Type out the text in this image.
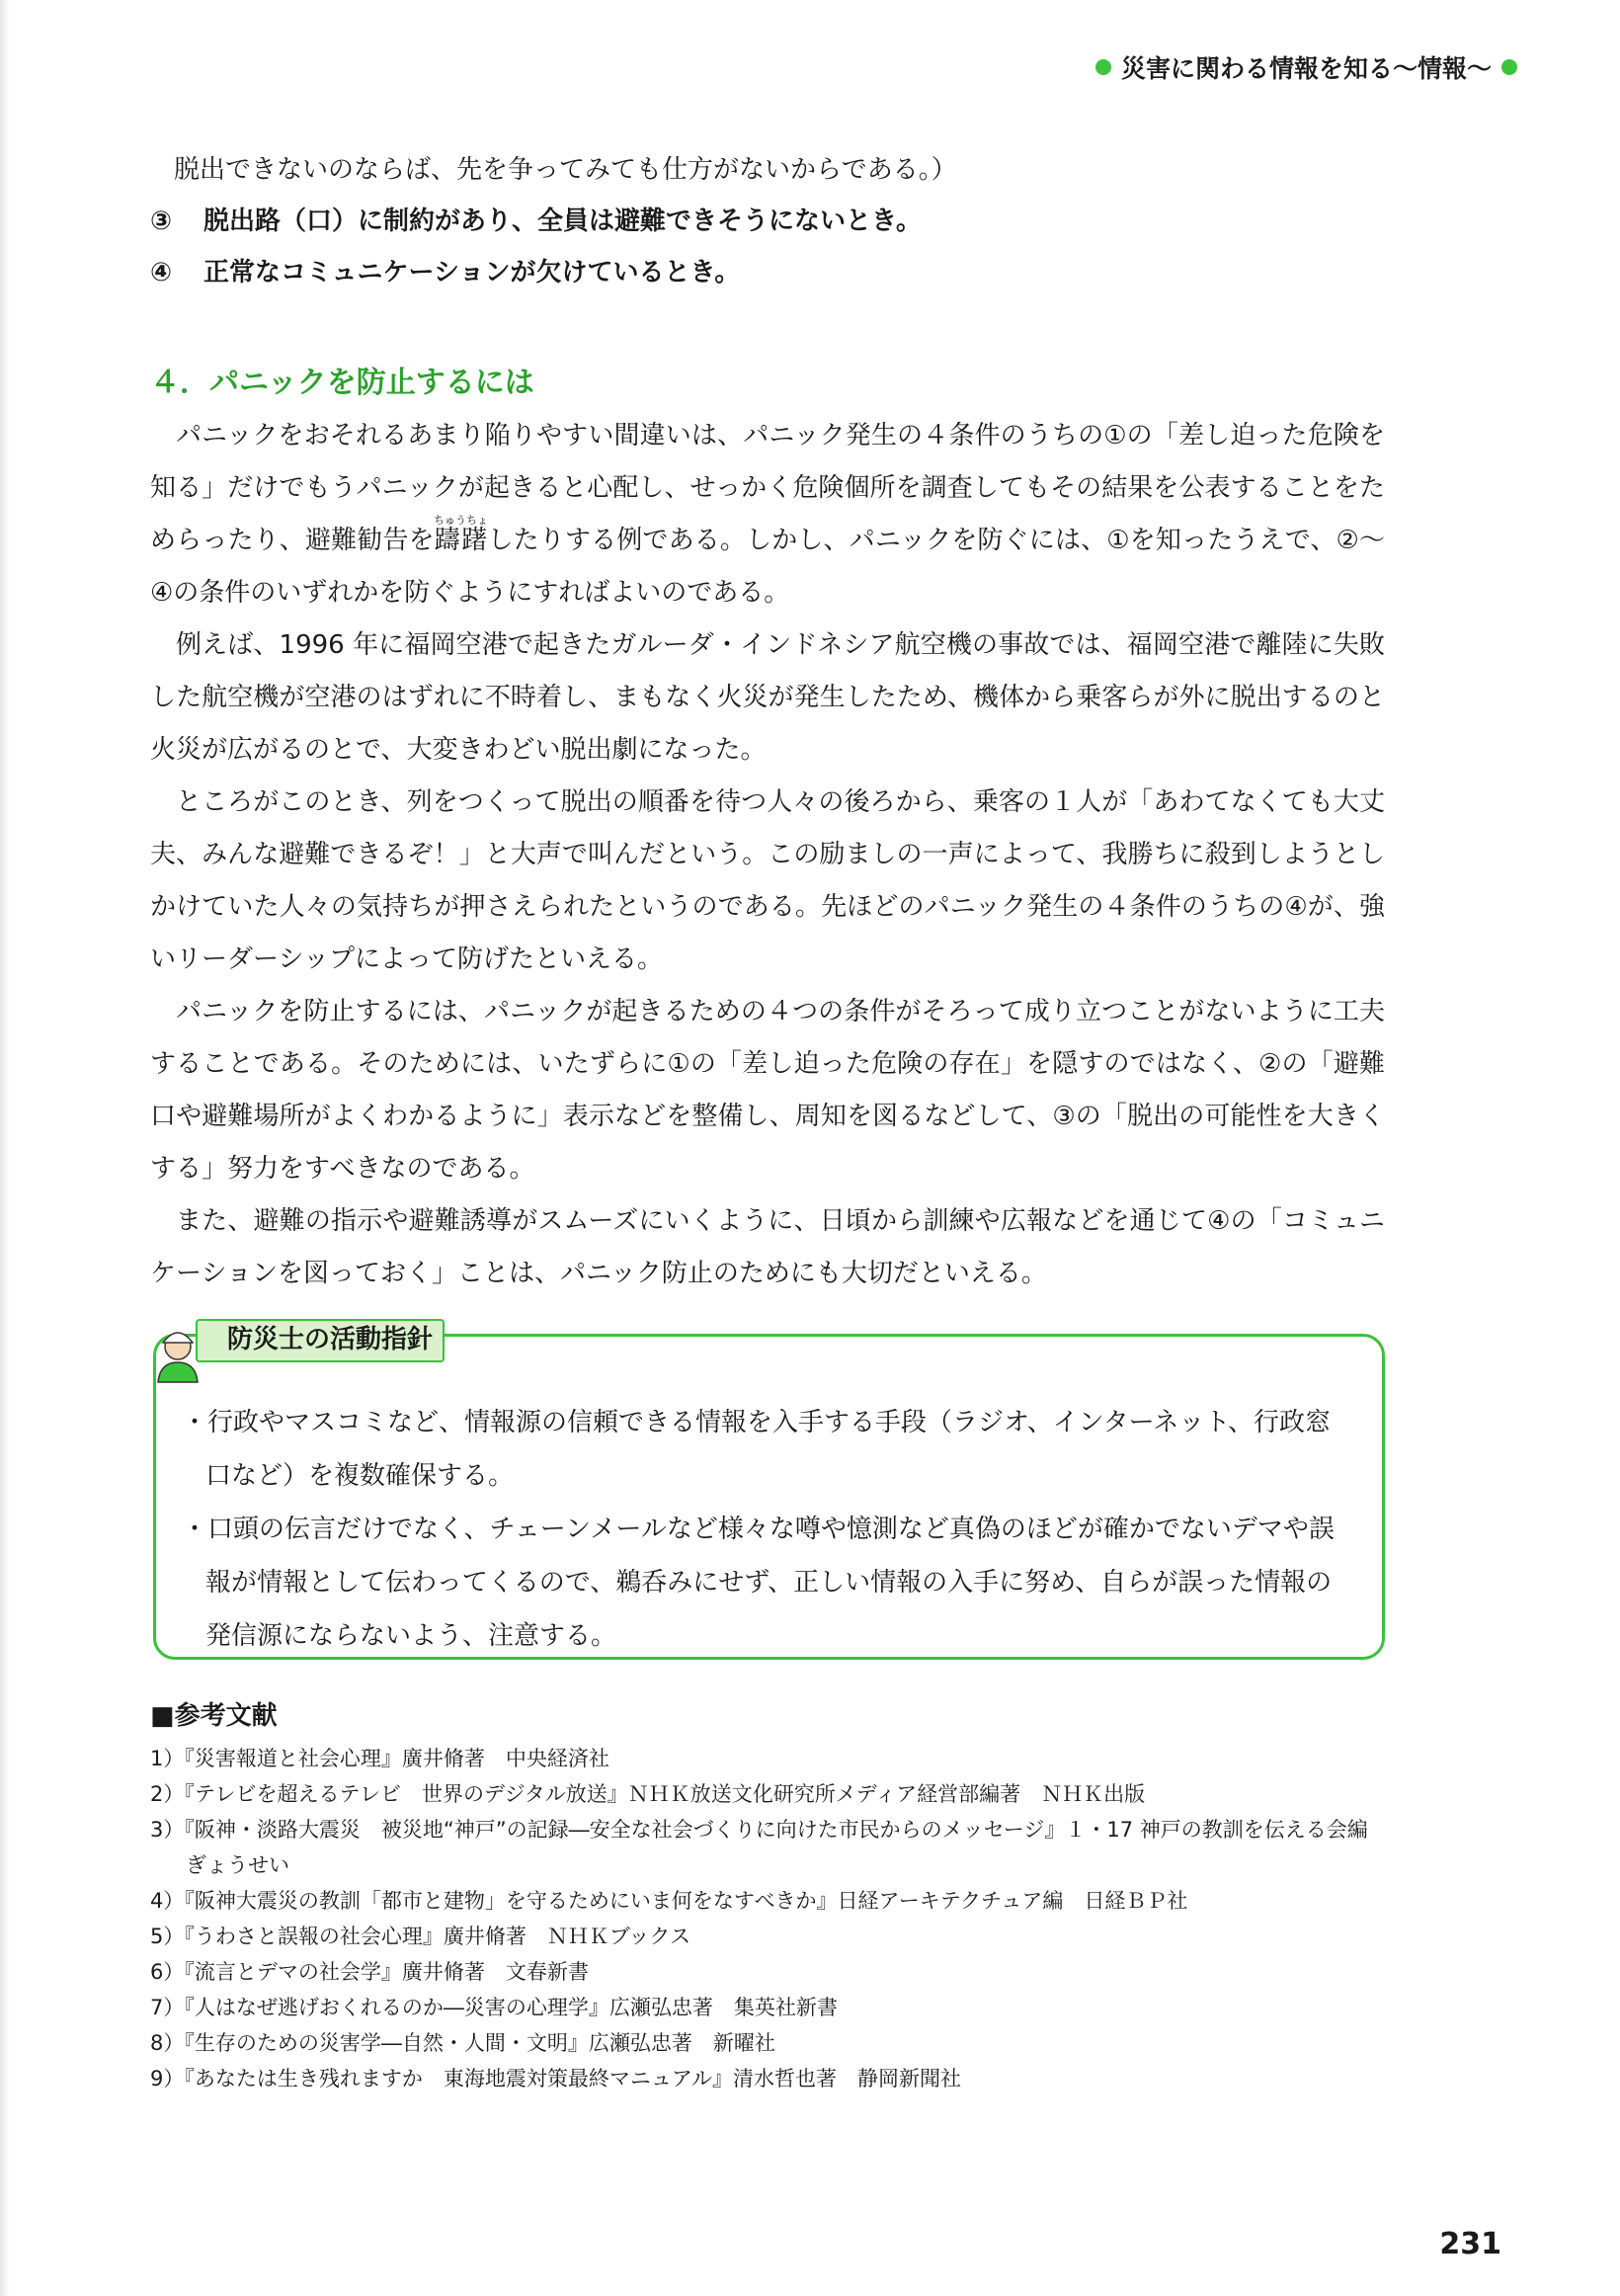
災害に関わる情報を知る〜情報〜
脱出できないのならば、先を争ってみても仕方がないからである。）
③ 脱出路（口）に制約があり、全員は避難できそうにないとき。
④ 正常なコミュニケーションが欠けているとき。
４．パニックを防止するには

パニックをおそれるあまり陥りやすい間違いは、パニック発生の４条件のうちの①の「差し迫った危険を知る」だけでもうパニックが起きると心配し、せっかく危険個所を調査してもその結果を公表することをためらったり、避難勧告を躊躇ちゅうちょしたりする例である。しかし、パニックを防ぐには、①を知ったうえで、②〜④の条件のいずれかを防ぐようにすればよいのである。

例えば、1996 年に福岡空港で起きたガルーダ・インドネシア航空機の事故では、福岡空港で離陸に失敗した航空機が空港のはずれに不時着し、まもなく火災が発生したため、機体から乗客らが外に脱出するのと火災が広がるのとで、大変きわどい脱出劇になった。

ところがこのとき、列をつくって脱出の順番を待つ人々の後ろから、乗客の１人が「あわてなくても大丈夫、みんな避難できるぞ！」と大声で叫んだという。この励ましの一声によって、我勝ちに殺到しようとしかけていた人々の気持ちが押さえられたというのである。先ほどのパニック発生の４条件のうちの④が、強いリーダーシップによって防げたといえる。

パニックを防止するには、パニックが起きるための４つの条件がそろって成り立つことがないように工夫することである。そのためには、いたずらに①の「差し迫った危険の存在」を隠すのではなく、②の「避難口や避難場所がよくわかるように」表示などを整備し、周知を図るなどして、③の「脱出の可能性を大きくする」努力をすべきなのである。

また、避難の指示や避難誘導がスムーズにいくように、日頃から訓練や広報などを通じて④の「コミュニケーションを図っておく」ことは、パニック防止のためにも大切だといえる。

防災士の活動指針
・行政やマスコミなど、情報源の信頼できる情報を入手する手段（ラジオ、インターネット、行政窓口など）を複数確保する。
・口頭の伝言だけでなく、チェーンメールなど様々な噂や憶測など真偽のほどが確かでないデマや誤報が情報として伝わってくるので、鵜呑みにせず、正しい情報の入手に努め、自らが誤った情報の発信源にならないよう、注意する。
■参考文献
1）『災害報道と社会心理』廣井脩著　中央経済社
2）『テレビを超えるテレビ　世界のデジタル放送』ＮＨＫ放送文化研究所メディア経営部編著　ＮＨＫ出版
3）『阪神・淡路大震災　被災地“神戸”の記録―安全な社会づくりに向けた市民からのメッセージ』１・17 神戸の教訓を伝える会編　ぎょうせい
4）『阪神大震災の教訓「都市と建物」を守るためにいま何をなすべきか』日経アーキテクチュア編　日経ＢＰ社
5）『うわさと誤報の社会心理』廣井脩著　ＮＨＫブックス
6）『流言とデマの社会学』廣井脩著　文春新書
7）『人はなぜ逃げおくれるのか―災害の心理学』広瀬弘忠著　集英社新書
8）『生存のための災害学―自然・人間・文明』広瀬弘忠著　新曜社
9）『あなたは生き残れますか　東海地震対策最終マニュアル』清水哲也著　静岡新聞社
231
